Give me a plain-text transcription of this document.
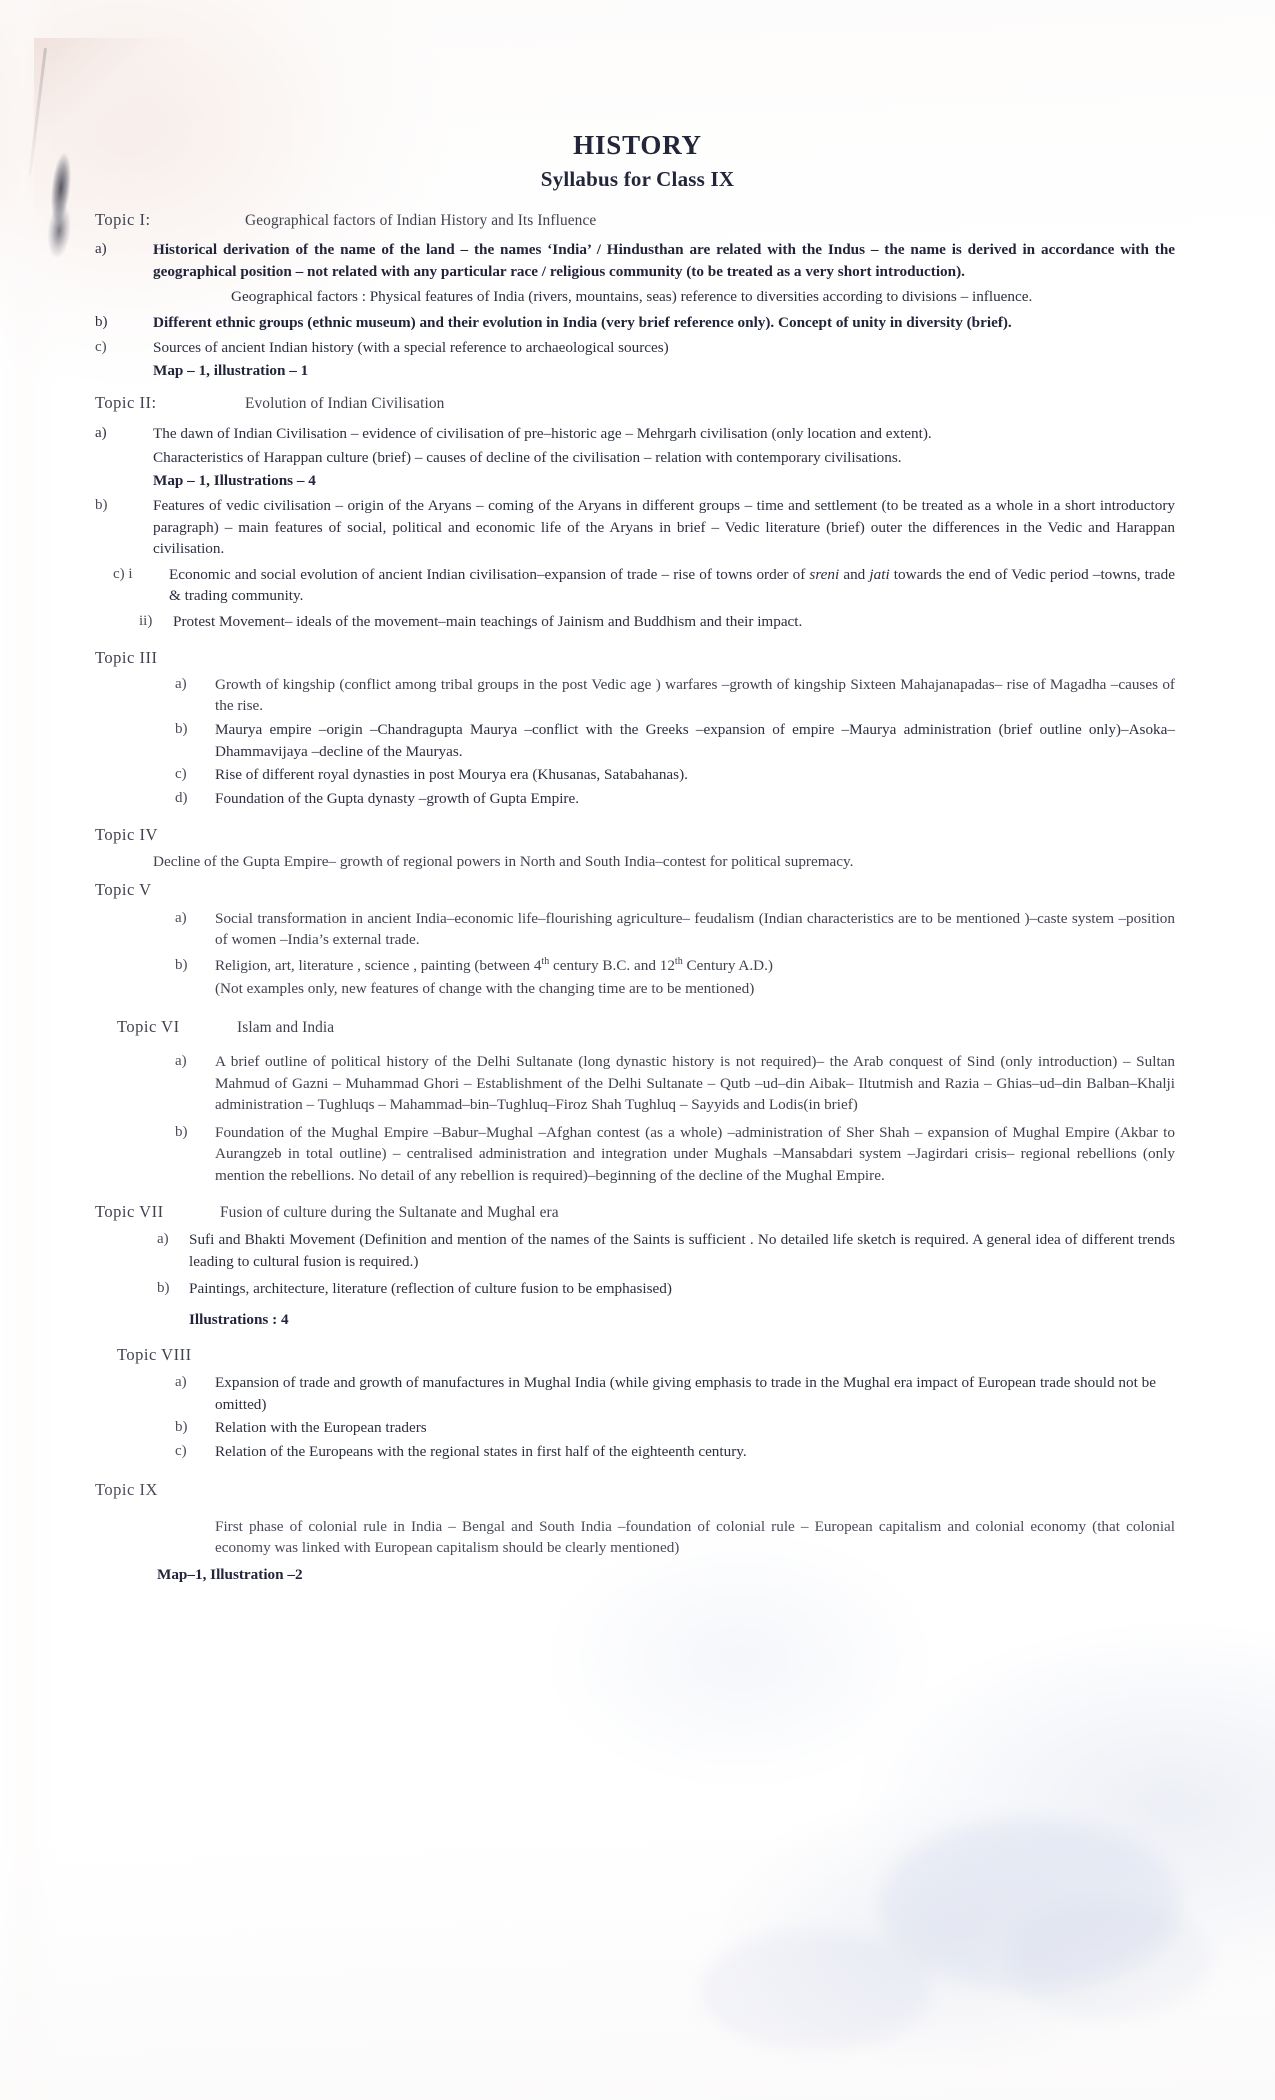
HISTORY
Syllabus for Class IX
Topic I:	Geographical factors of Indian History and Its Influence
a)	Historical derivation of the name of the land – the names ‘India’ / Hindusthan are related with the Indus – the name is derived in accordance with the geographical position – not related with any particular race / religious community (to be treated as a very short introduction).
Geographical factors : Physical features of India (rivers, mountains, seas) reference to diversities according to divisions – influence.
b)	Different ethnic groups (ethnic museum) and their evolution in India (very brief reference only). Concept of unity in diversity (brief).
c)	Sources of ancient Indian history (with a special reference to archaeological sources)
Map – 1, illustration – 1
Topic II:	Evolution of Indian Civilisation
a)	The dawn of Indian Civilisation – evidence of civilisation of pre–historic age – Mehrgarh civilisation (only location and extent).
Characteristics of Harappan culture (brief) – causes of decline of the civilisation – relation with contemporary civilisations.
Map – 1, Illustrations – 4
b)	Features of vedic civilisation – origin of the Aryans – coming of the Aryans in different groups – time and settlement (to be treated as a whole in a short introductory paragraph) – main features of social, political and economic life of the Aryans in brief – Vedic literature (brief) outer the differences in the Vedic and Harappan civilisation.
c) i	Economic and social evolution of ancient Indian civilisation–expansion of trade – rise of towns order of sreni and jati towards the end of Vedic period –towns, trade & trading community.
ii)	Protest Movement– ideals of the movement–main teachings of Jainism and Buddhism and their impact.
Topic III
a)	Growth of kingship (conflict among tribal groups in the post Vedic age ) warfares –growth of kingship Sixteen Mahajanapadas– rise of Magadha –causes of the rise.
b)	Maurya empire –origin –Chandragupta Maurya –conflict with the Greeks –expansion of empire –Maurya administration (brief outline only)–Asoka– Dhammavijaya –decline of the Mauryas.
c)	Rise of different royal dynasties in post Mourya era (Khusanas, Satabahanas).
d)	Foundation of the Gupta dynasty –growth of Gupta Empire.
Topic IV
Decline of the Gupta Empire– growth of regional powers in North and South India–contest for political supremacy.
Topic V
a)	Social transformation in ancient India–economic life–flourishing agriculture– feudalism (Indian characteristics are to be mentioned )–caste system –position of women –India’s external trade.
b)	Religion, art, literature , science , painting (between 4th century B.C. and 12th Century A.D.)
(Not examples only, new features of change with the changing time are to be mentioned)
Topic VI	Islam and India
a)	A brief outline of political history of the Delhi Sultanate (long dynastic history is not required)– the Arab conquest of Sind (only introduction) – Sultan Mahmud of Gazni – Muhammad Ghori – Establishment of the Delhi Sultanate – Qutb –ud–din Aibak– Iltutmish and Razia – Ghias–ud–din Balban–Khalji administration – Tughluqs – Mahammad–bin–Tughluq–Firoz Shah Tughluq – Sayyids and Lodis(in brief)
b)	Foundation of the Mughal Empire –Babur–Mughal –Afghan contest (as a whole) –administration of Sher Shah – expansion of Mughal Empire (Akbar to Aurangzeb in total outline) – centralised administration and integration under Mughals –Mansabdari system –Jagirdari crisis– regional rebellions (only mention the rebellions. No detail of any rebellion is required)–beginning of the decline of the Mughal Empire.
Topic VII	Fusion of culture during the Sultanate and Mughal era
a)	Sufi and Bhakti Movement (Definition and mention of the names of the Saints is sufficient . No detailed life sketch is required. A general idea of different trends leading to cultural fusion is required.)
b)	Paintings, architecture, literature (reflection of culture fusion to be emphasised)
Illustrations : 4
Topic VIII
a)	Expansion of trade and growth of manufactures in Mughal India (while giving emphasis to trade in the Mughal era impact of European trade should not be omitted)
b)	Relation with the European traders
c)	Relation of the Europeans with the regional states in first half of the eighteenth century.
Topic IX
First phase of colonial rule in India – Bengal and South India –foundation of colonial rule – European capitalism and colonial economy (that colonial economy was linked with European capitalism should be clearly mentioned)
Map–1, Illustration –2
